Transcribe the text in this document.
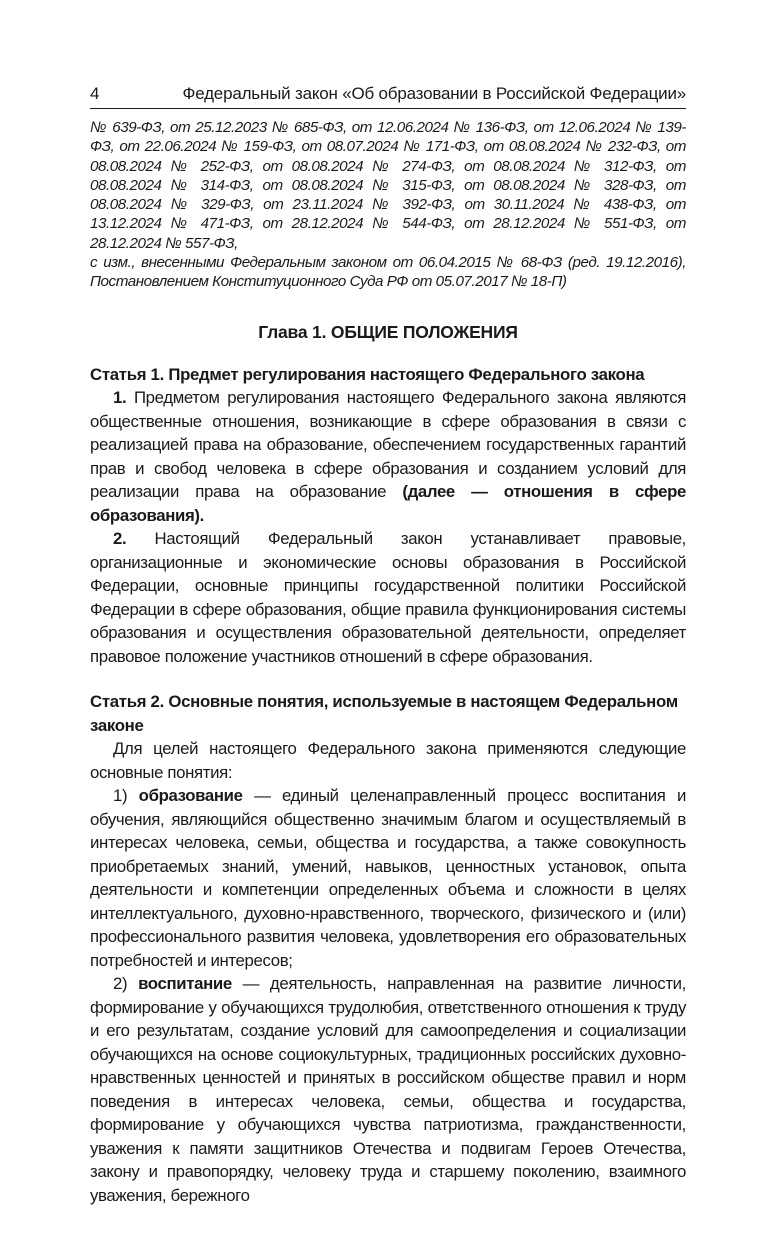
4	Федеральный закон «Об образовании в Российской Федерации»

№ 639-ФЗ, от 25.12.2023 № 685-ФЗ, от 12.06.2024 № 136-ФЗ, от 12.06.2024 № 139-ФЗ, от 22.06.2024 № 159-ФЗ, от 08.07.2024 № 171-ФЗ, от 08.08.2024 № 232-ФЗ, от 08.08.2024 № 252-ФЗ, от 08.08.2024 № 274-ФЗ, от 08.08.2024 № 312-ФЗ, от 08.08.2024 № 314-ФЗ, от 08.08.2024 № 315-ФЗ, от 08.08.2024 № 328-ФЗ, от 08.08.2024 № 329-ФЗ, от 23.11.2024 № 392-ФЗ, от 30.11.2024 № 438-ФЗ, от 13.12.2024 № 471-ФЗ, от 28.12.2024 № 544-ФЗ, от 28.12.2024 № 551-ФЗ, от 28.12.2024 № 557-ФЗ,

с изм., внесенными Федеральным законом от 06.04.2015 № 68-ФЗ (ред. 19.12.2016), Постановлением Конституционного Суда РФ от 05.07.2017 № 18-П)

Глава 1. ОБЩИЕ ПОЛОЖЕНИЯ

Статья 1. Предмет регулирования настоящего Федерального закона

1. Предметом регулирования настоящего Федерального закона являются общественные отношения, возникающие в сфере образования в связи с реализацией права на образование, обеспечением государственных гарантий прав и свобод человека в сфере образования и созданием условий для реализации права на образование (далее — отношения в сфере образования).

2. Настоящий Федеральный закон устанавливает правовые, организационные и экономические основы образования в Российской Федерации, основные принципы государственной политики Российской Федерации в сфере образования, общие правила функционирования системы образования и осуществления образовательной деятельности, определяет правовое положение участников отношений в сфере образования.

Статья 2. Основные понятия, используемые в настоящем Федеральном законе

Для целей настоящего Федерального закона применяются следующие основные понятия:

1) образование — единый целенаправленный процесс воспитания и обучения, являющийся общественно значимым благом и осуществляемый в интересах человека, семьи, общества и государства, а также совокупность приобретаемых знаний, умений, навыков, ценностных установок, опыта деятельности и компетенции определенных объема и сложности в целях интеллектуального, духовно-нравственного, творческого, физического и (или) профессионального развития человека, удовлетворения его образовательных потребностей и интересов;

2) воспитание — деятельность, направленная на развитие личности, формирование у обучающихся трудолюбия, ответственного отношения к труду и его результатам, создание условий для самоопределения и социализации обучающихся на основе социокультурных, традиционных российских духовно-нравственных ценностей и принятых в российском обществе правил и норм поведения в интересах человека, семьи, общества и государства, формирование у обучающихся чувства патриотизма, гражданственности, уважения к памяти защитников Отечества и подвигам Героев Отечества, закону и правопорядку, человеку труда и старшему поколению, взаимного уважения, бережного
